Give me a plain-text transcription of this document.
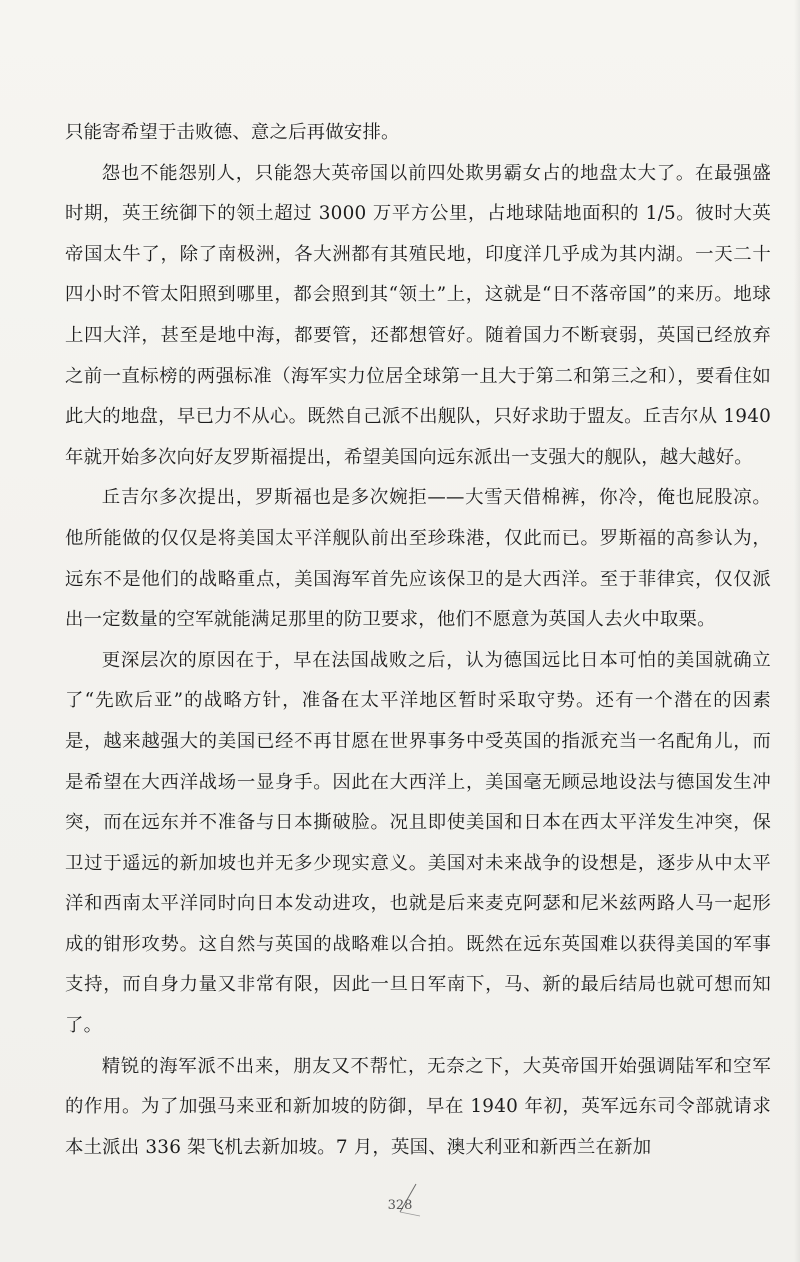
只能寄希望于击败德、意之后再做安排。

怨也不能怨别人，只能怨大英帝国以前四处欺男霸女占的地盘太大了。在最强盛时期，英王统御下的领土超过 3000 万平方公里，占地球陆地面积的 1/5。彼时大英帝国太牛了，除了南极洲，各大洲都有其殖民地，印度洋几乎成为其内湖。一天二十四小时不管太阳照到哪里，都会照到其“领土”上，这就是“日不落帝国”的来历。地球上四大洋，甚至是地中海，都要管，还都想管好。随着国力不断衰弱，英国已经放弃之前一直标榜的两强标准（海军实力位居全球第一且大于第二和第三之和），要看住如此大的地盘，早已力不从心。既然自己派不出舰队，只好求助于盟友。丘吉尔从 1940 年就开始多次向好友罗斯福提出，希望美国向远东派出一支强大的舰队，越大越好。

丘吉尔多次提出，罗斯福也是多次婉拒——大雪天借棉裤，你冷，俺也屁股凉。他所能做的仅仅是将美国太平洋舰队前出至珍珠港，仅此而已。罗斯福的高参认为，远东不是他们的战略重点，美国海军首先应该保卫的是大西洋。至于菲律宾，仅仅派出一定数量的空军就能满足那里的防卫要求，他们不愿意为英国人去火中取栗。

更深层次的原因在于，早在法国战败之后，认为德国远比日本可怕的美国就确立了“先欧后亚”的战略方针，准备在太平洋地区暂时采取守势。还有一个潜在的因素是，越来越强大的美国已经不再甘愿在世界事务中受英国的指派充当一名配角儿，而是希望在大西洋战场一显身手。因此在大西洋上，美国毫无顾忌地设法与德国发生冲突，而在远东并不准备与日本撕破脸。况且即使美国和日本在西太平洋发生冲突，保卫过于遥远的新加坡也并无多少现实意义。美国对未来战争的设想是，逐步从中太平洋和西南太平洋同时向日本发动进攻，也就是后来麦克阿瑟和尼米兹两路人马一起形成的钳形攻势。这自然与英国的战略难以合拍。既然在远东英国难以获得美国的军事支持，而自身力量又非常有限，因此一旦日军南下，马、新的最后结局也就可想而知了。

精锐的海军派不出来，朋友又不帮忙，无奈之下，大英帝国开始强调陆军和空军的作用。为了加强马来亚和新加坡的防御，早在 1940 年初，英军远东司令部就请求本土派出 336 架飞机去新加坡。7 月，英国、澳大利亚和新西兰在新加

328
